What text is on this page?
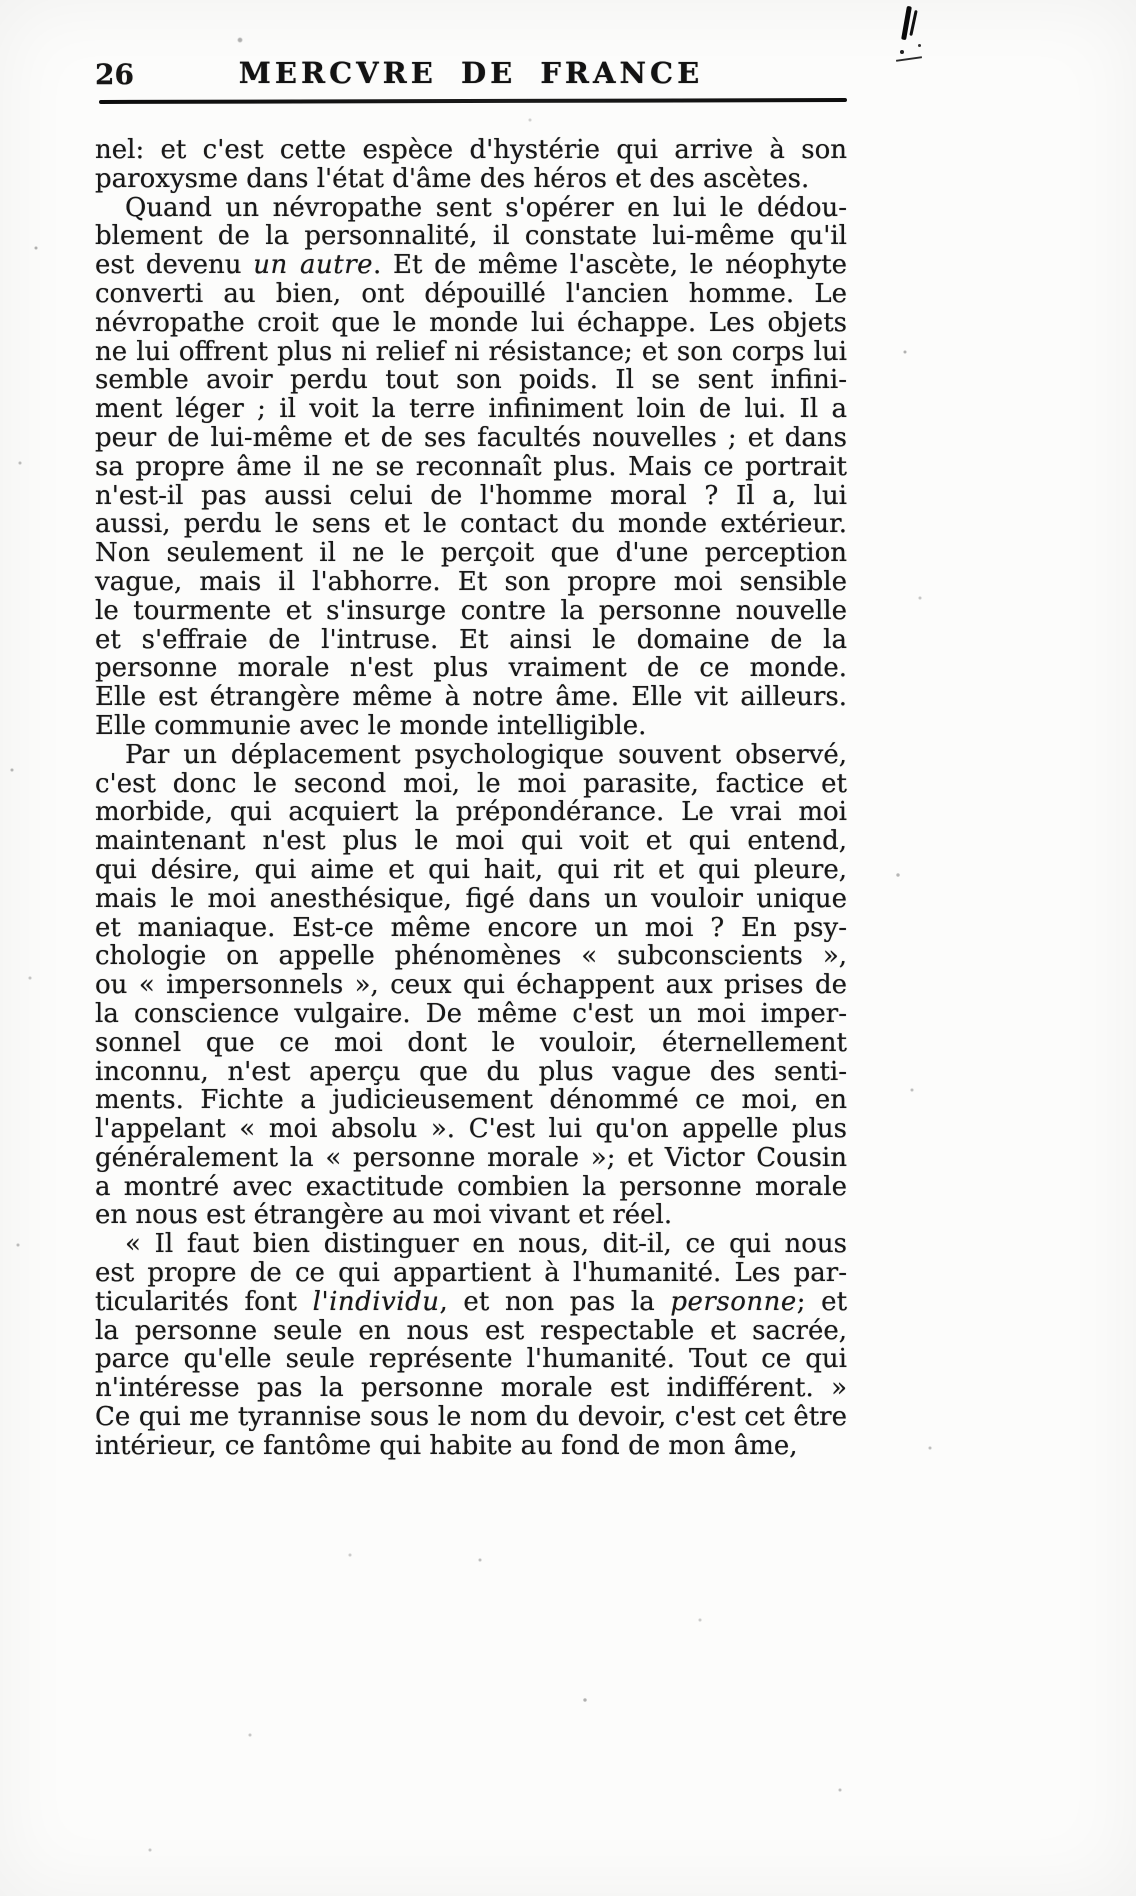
26	MERCVRE DE FRANCE
nel: et c'est cette espèce d'hystérie qui arrive à son
paroxysme dans l'état d'âme des héros et des ascètes.
Quand un névropathe sent s'opérer en lui le dédou-
blement de la personnalité, il constate lui-même qu'il
est devenu un autre. Et de même l'ascète, le néophyte
converti au bien, ont dépouillé l'ancien homme. Le
névropathe croit que le monde lui échappe. Les objets
ne lui offrent plus ni relief ni résistance; et son corps lui
semble avoir perdu tout son poids. Il se sent infini-
ment léger ; il voit la terre infiniment loin de lui. Il a
peur de lui-même et de ses facultés nouvelles ; et dans
sa propre âme il ne se reconnaît plus. Mais ce portrait
n'est-il pas aussi celui de l'homme moral ? Il a, lui
aussi, perdu le sens et le contact du monde extérieur.
Non seulement il ne le perçoit que d'une perception
vague, mais il l'abhorre. Et son propre moi sensible
le tourmente et s'insurge contre la personne nouvelle
et s'effraie de l'intruse. Et ainsi le domaine de la
personne morale n'est plus vraiment de ce monde.
Elle est étrangère même à notre âme. Elle vit ailleurs.
Elle communie avec le monde intelligible.
Par un déplacement psychologique souvent observé,
c'est donc le second moi, le moi parasite, factice et
morbide, qui acquiert la prépondérance. Le vrai moi
maintenant n'est plus le moi qui voit et qui entend,
qui désire, qui aime et qui hait, qui rit et qui pleure,
mais le moi anesthésique, figé dans un vouloir unique
et maniaque. Est-ce même encore un moi ? En psy-
chologie on appelle phénomènes « subconscients »,
ou « impersonnels », ceux qui échappent aux prises de
la conscience vulgaire. De même c'est un moi imper-
sonnel que ce moi dont le vouloir, éternellement
inconnu, n'est aperçu que du plus vague des senti-
ments. Fichte a judicieusement dénommé ce moi, en
l'appelant « moi absolu ». C'est lui qu'on appelle plus
généralement la « personne morale »; et Victor Cousin
a montré avec exactitude combien la personne morale
en nous est étrangère au moi vivant et réel.
« Il faut bien distinguer en nous, dit-il, ce qui nous
est propre de ce qui appartient à l'humanité. Les par-
ticularités font l'individu, et non pas la personne; et
la personne seule en nous est respectable et sacrée,
parce qu'elle seule représente l'humanité. Tout ce qui
n'intéresse pas la personne morale est indifférent. »
Ce qui me tyrannise sous le nom du devoir, c'est cet être
intérieur, ce fantôme qui habite au fond de mon âme,
